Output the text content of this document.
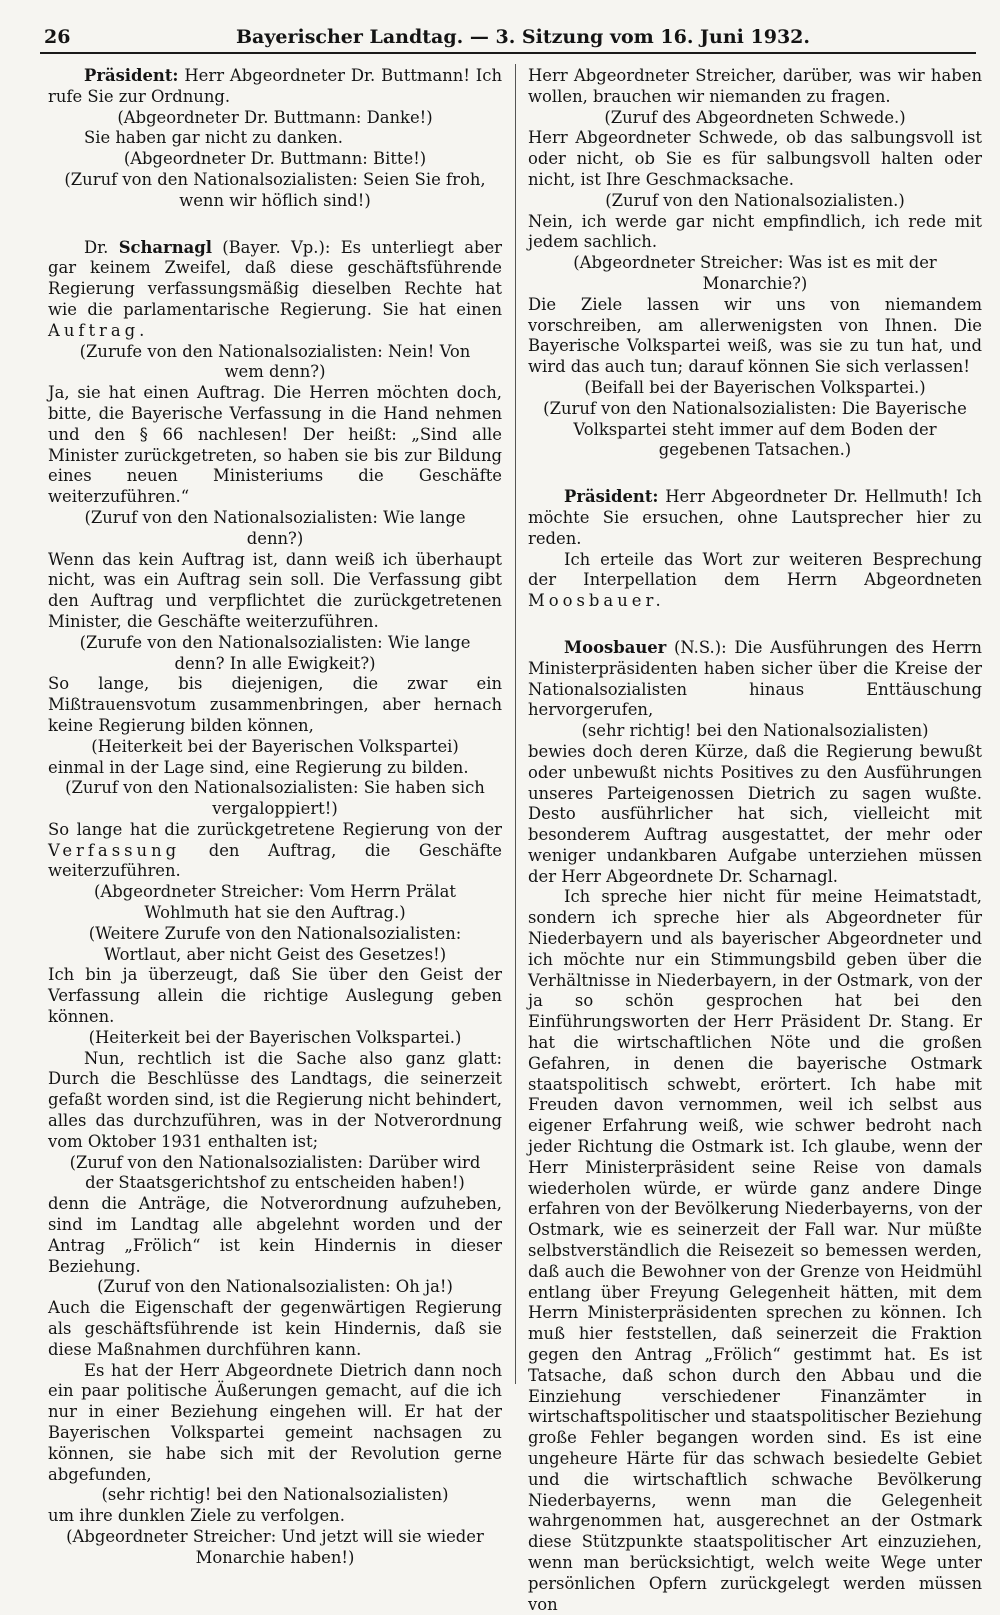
26	Bayerischer Landtag. — 3. Sitzung vom 16. Juni 1932.

Präsident: Herr Abgeordneter Dr. Buttmann! Ich rufe Sie zur Ordnung.

(Abgeordneter Dr. Buttmann: Danke!)

Sie haben gar nicht zu danken.

(Abgeordneter Dr. Buttmann: Bitte!)

(Zuruf von den Nationalsozialisten: Seien Sie froh, wenn wir höflich sind!)

Dr. Scharnagl (Bayer. Vp.): Es unterliegt aber gar keinem Zweifel, daß diese geschäftsführende Regierung verfassungsmäßig dieselben Rechte hat wie die parlamentarische Regierung. Sie hat einen Auftrag.

(Zurufe von den Nationalsozialisten: Nein! Von wem denn?)

Ja, sie hat einen Auftrag. Die Herren möchten doch, bitte, die Bayerische Verfassung in die Hand nehmen und den § 66 nachlesen! Der heißt: „Sind alle Minister zurückgetreten, so haben sie bis zur Bildung eines neuen Ministeriums die Geschäfte weiterzuführen.“

(Zuruf von den Nationalsozialisten: Wie lange denn?)

Wenn das kein Auftrag ist, dann weiß ich überhaupt nicht, was ein Auftrag sein soll. Die Verfassung gibt den Auftrag und verpflichtet die zurückgetretenen Minister, die Geschäfte weiterzuführen.

(Zurufe von den Nationalsozialisten: Wie lange denn? In alle Ewigkeit?)

So lange, bis diejenigen, die zwar ein Mißtrauensvotum zusammenbringen, aber hernach keine Regierung bilden können,

(Heiterkeit bei der Bayerischen Volkspartei)

einmal in der Lage sind, eine Regierung zu bilden.

(Zuruf von den Nationalsozialisten: Sie haben sich vergaloppiert!)

So lange hat die zurückgetretene Regierung von der Verfassung den Auftrag, die Geschäfte weiterzuführen.

(Abgeordneter Streicher: Vom Herrn Prälat Wohlmuth hat sie den Auftrag.)

(Weitere Zurufe von den Nationalsozialisten: Wortlaut, aber nicht Geist des Gesetzes!)

Ich bin ja überzeugt, daß Sie über den Geist der Verfassung allein die richtige Auslegung geben können.

(Heiterkeit bei der Bayerischen Volkspartei.)

Nun, rechtlich ist die Sache also ganz glatt: Durch die Beschlüsse des Landtags, die seinerzeit gefaßt worden sind, ist die Regierung nicht behindert, alles das durchzuführen, was in der Notverordnung vom Oktober 1931 enthalten ist;

(Zuruf von den Nationalsozialisten: Darüber wird der Staatsgerichtshof zu entscheiden haben!)

denn die Anträge, die Notverordnung aufzuheben, sind im Landtag alle abgelehnt worden und der Antrag „Frölich“ ist kein Hindernis in dieser Beziehung.

(Zuruf von den Nationalsozialisten: Oh ja!)

Auch die Eigenschaft der gegenwärtigen Regierung als geschäftsführende ist kein Hindernis, daß sie diese Maßnahmen durchführen kann.

Es hat der Herr Abgeordnete Dietrich dann noch ein paar politische Äußerungen gemacht, auf die ich nur in einer Beziehung eingehen will. Er hat der Bayerischen Volkspartei gemeint nachsagen zu können, sie habe sich mit der Revolution gerne abgefunden,

(sehr richtig! bei den Nationalsozialisten)

um ihre dunklen Ziele zu verfolgen.

(Abgeordneter Streicher: Und jetzt will sie wieder Monarchie haben!)

Herr Abgeordneter Streicher, darüber, was wir haben wollen, brauchen wir niemanden zu fragen.

(Zuruf des Abgeordneten Schwede.)

Herr Abgeordneter Schwede, ob das salbungsvoll ist oder nicht, ob Sie es für salbungsvoll halten oder nicht, ist Ihre Geschmacksache.

(Zuruf von den Nationalsozialisten.)

Nein, ich werde gar nicht empfindlich, ich rede mit jedem sachlich.

(Abgeordneter Streicher: Was ist es mit der Monarchie?)

Die Ziele lassen wir uns von niemandem vorschreiben, am allerwenigsten von Ihnen. Die Bayerische Volkspartei weiß, was sie zu tun hat, und wird das auch tun; darauf können Sie sich verlassen!

(Beifall bei der Bayerischen Volkspartei.)

(Zuruf von den Nationalsozialisten: Die Bayerische Volkspartei steht immer auf dem Boden der gegebenen Tatsachen.)

Präsident: Herr Abgeordneter Dr. Hellmuth! Ich möchte Sie ersuchen, ohne Lautsprecher hier zu reden.

Ich erteile das Wort zur weiteren Besprechung der Interpellation dem Herrn Abgeordneten Moosbauer.

Moosbauer (N.S.): Die Ausführungen des Herrn Ministerpräsidenten haben sicher über die Kreise der Nationalsozialisten hinaus Enttäuschung hervorgerufen,

(sehr richtig! bei den Nationalsozialisten)

bewies doch deren Kürze, daß die Regierung bewußt oder unbewußt nichts Positives zu den Ausführungen unseres Parteigenossen Dietrich zu sagen wußte. Desto ausführlicher hat sich, vielleicht mit besonderem Auftrag ausgestattet, der mehr oder weniger undankbaren Aufgabe unterziehen müssen der Herr Abgeordnete Dr. Scharnagl.

Ich spreche hier nicht für meine Heimatstadt, sondern ich spreche hier als Abgeordneter für Niederbayern und als bayerischer Abgeordneter und ich möchte nur ein Stimmungsbild geben über die Verhältnisse in Niederbayern, in der Ostmark, von der ja so schön gesprochen hat bei den Einführungsworten der Herr Präsident Dr. Stang. Er hat die wirtschaftlichen Nöte und die großen Gefahren, in denen die bayerische Ostmark staatspolitisch schwebt, erörtert. Ich habe mit Freuden davon vernommen, weil ich selbst aus eigener Erfahrung weiß, wie schwer bedroht nach jeder Richtung die Ostmark ist. Ich glaube, wenn der Herr Ministerpräsident seine Reise von damals wiederholen würde, er würde ganz andere Dinge erfahren von der Bevölkerung Niederbayerns, von der Ostmark, wie es seinerzeit der Fall war. Nur müßte selbstverständlich die Reisezeit so bemessen werden, daß auch die Bewohner von der Grenze von Heidmühl entlang über Freyung Gelegenheit hätten, mit dem Herrn Ministerpräsidenten sprechen zu können. Ich muß hier feststellen, daß seinerzeit die Fraktion gegen den Antrag „Frölich“ gestimmt hat. Es ist Tatsache, daß schon durch den Abbau und die Einziehung verschiedener Finanzämter in wirtschaftspolitischer und staatspolitischer Beziehung große Fehler begangen worden sind. Es ist eine ungeheure Härte für das schwach besiedelte Gebiet und die wirtschaftlich schwache Bevölkerung Niederbayerns, wenn man die Gelegenheit wahrgenommen hat, ausgerechnet an der Ostmark diese Stützpunkte staatspolitischer Art einzuziehen, wenn man berücksichtigt, welch weite Wege unter persönlichen Opfern zurückgelegt werden müssen von
